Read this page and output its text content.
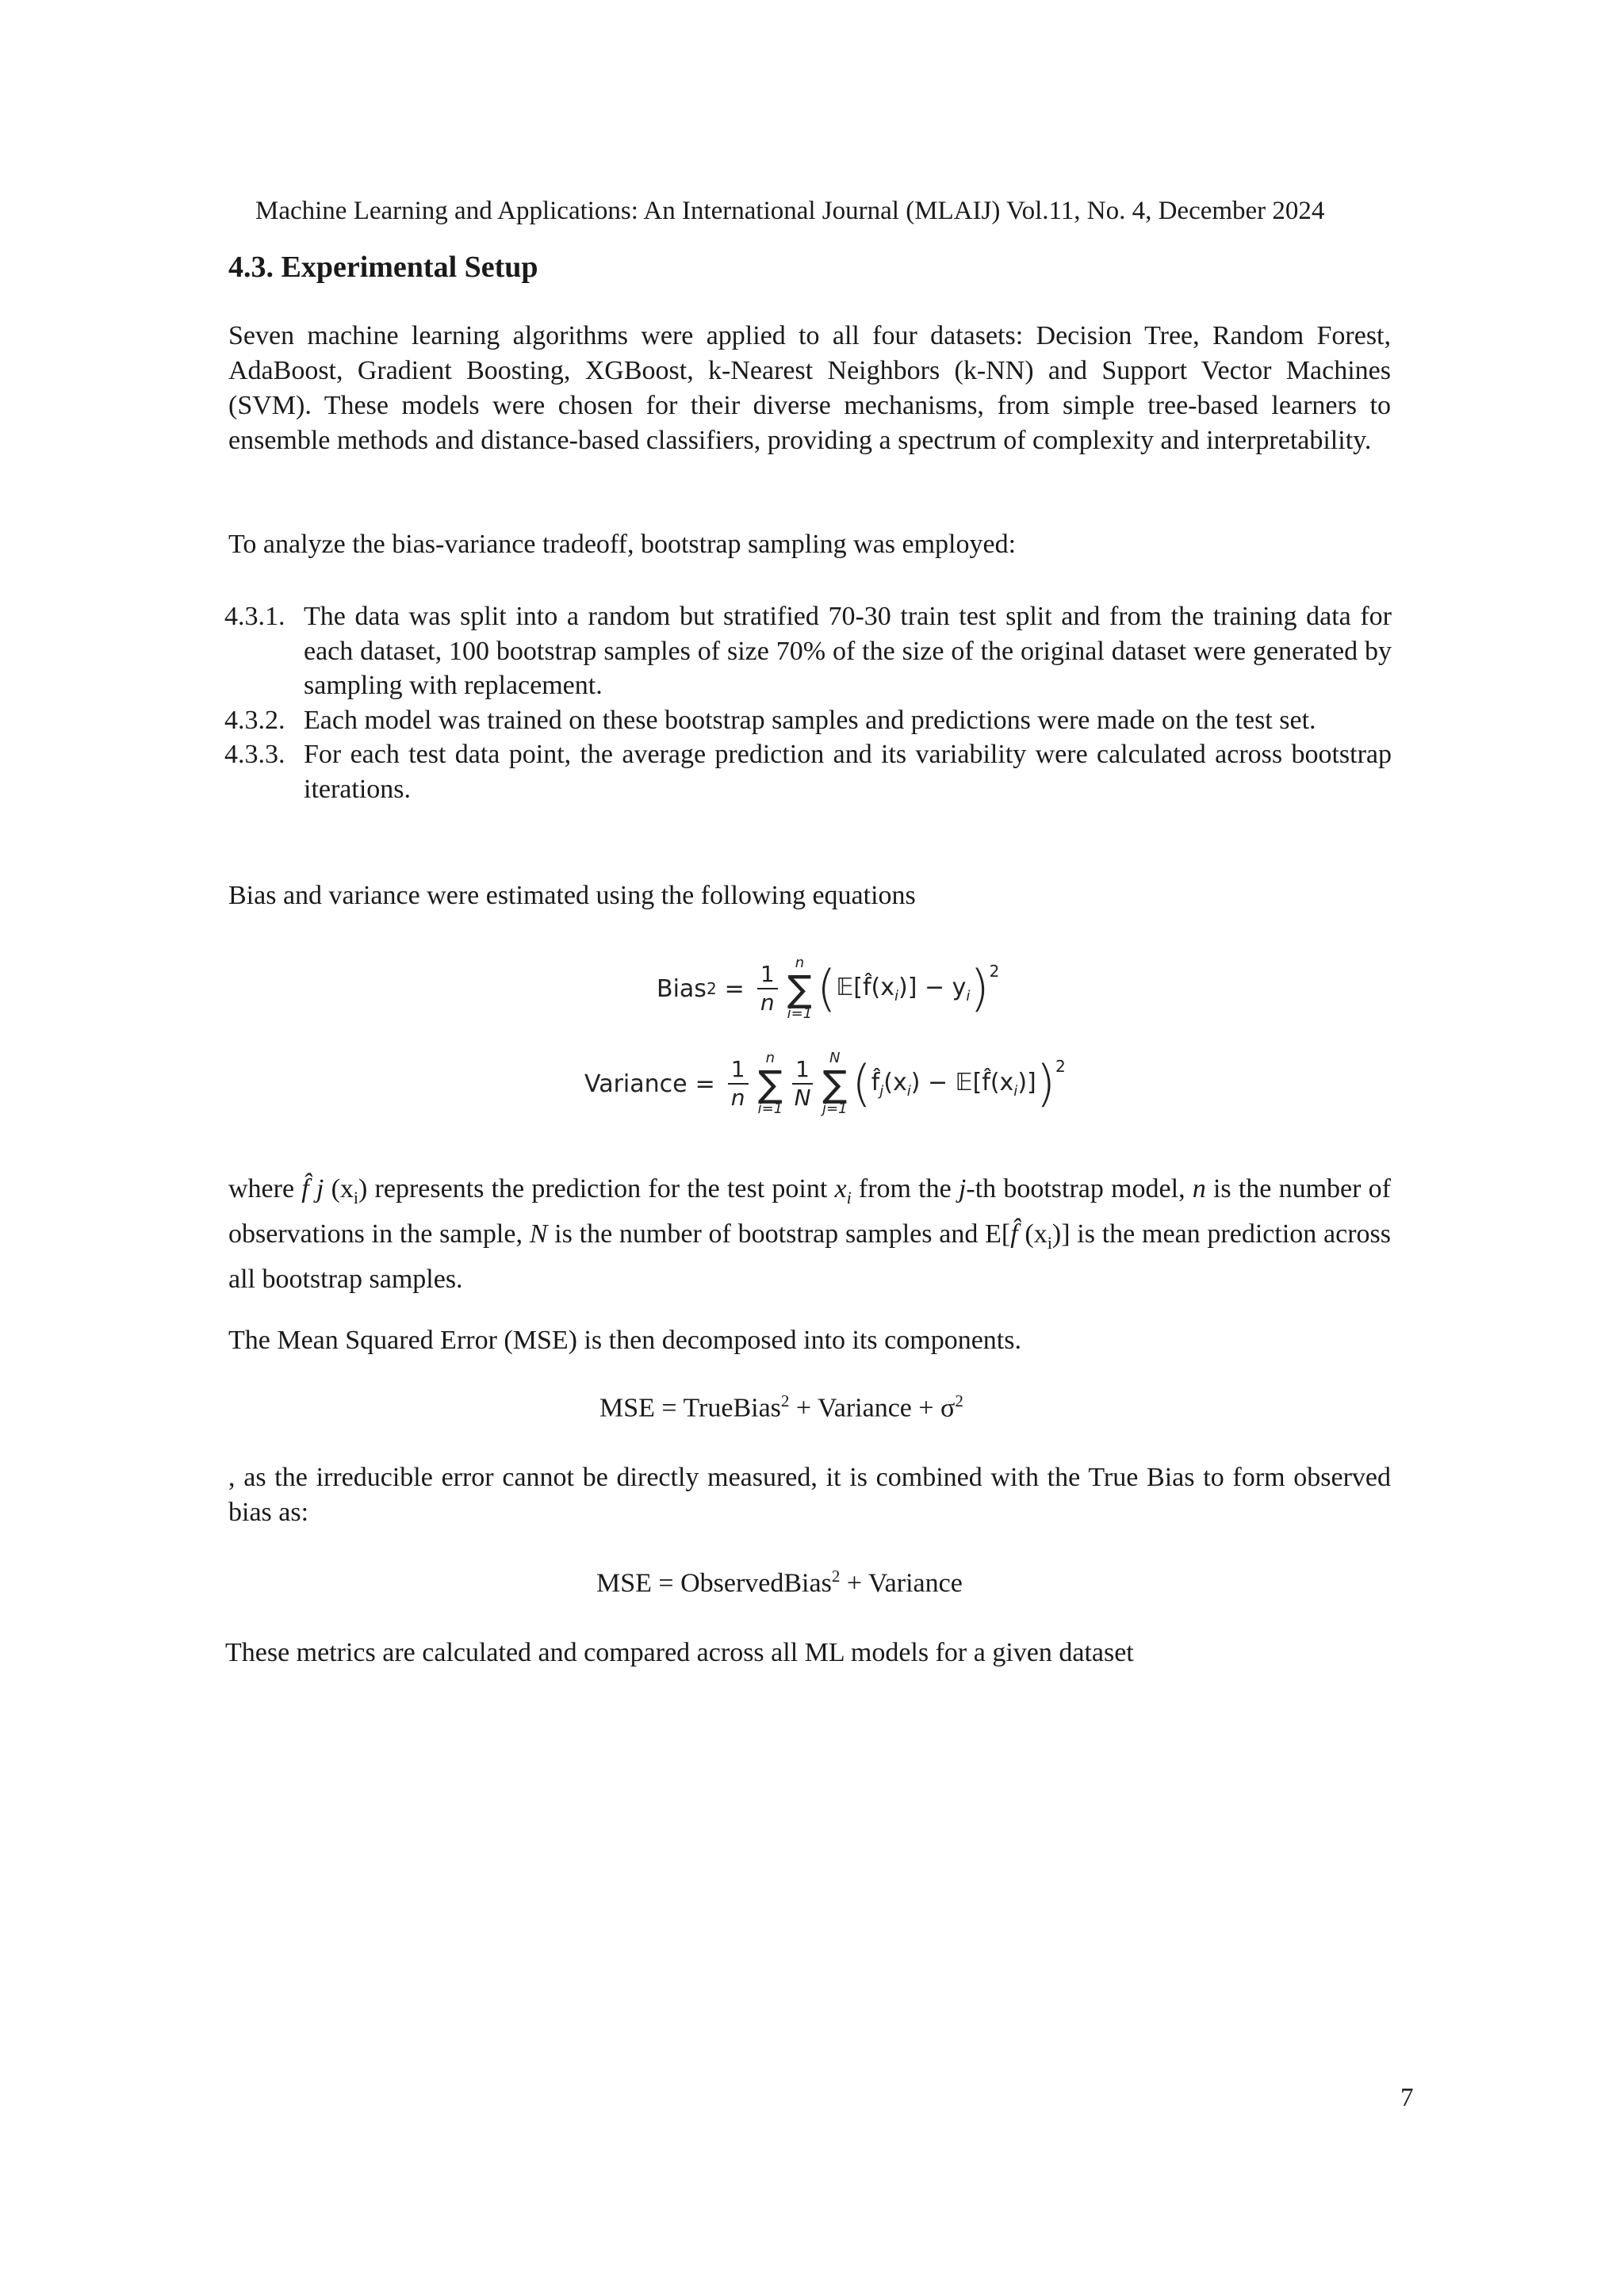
Machine Learning and Applications: An International Journal (MLAIJ) Vol.11, No. 4, December 2024
4.3. Experimental Setup
Seven machine learning algorithms were applied to all four datasets: Decision Tree, Random Forest, AdaBoost, Gradient Boosting, XGBoost, k-Nearest Neighbors (k-NN) and Support Vector Machines (SVM). These models were chosen for their diverse mechanisms, from simple tree-based learners to ensemble methods and distance-based classifiers, providing a spectrum of complexity and interpretability.
To analyze the bias-variance tradeoff, bootstrap sampling was employed:
4.3.1. The data was split into a random but stratified 70-30 train test split and from the training data for each dataset, 100 bootstrap samples of size 70% of the size of the original dataset were generated by sampling with replacement.
4.3.2. Each model was trained on these bootstrap samples and predictions were made on the test set.
4.3.3. For each test data point, the average prediction and its variability were calculated across bootstrap iterations.
Bias and variance were estimated using the following equations
Bias $2 = \frac{1}{n}$ n
∑
i=1 ( $𝔼[f̂(x_i)] - y_i$ ) 2
Variance = $\frac{1}{n}$ n
∑
$i=1 \frac{1}{N}$ N
∑
j=1 ( $f̂_j(x_i)$ − $𝔼[f̂(x_i)]$ ) 2
where f̂ j $(x_i)$ represents the prediction for the test point $x_i$ from the j-th bootstrap model, n is the number of observations in the sample, N is the number of bootstrap samples and E[f̂ $(x_i)$] is the mean prediction across all bootstrap samples.
The Mean Squared Error (MSE) is then decomposed into its components.
MSE = TrueBias$^2$ + Variance + $\sigma^2$
, as the irreducible error cannot be directly measured, it is combined with the True Bias to form observed bias as:
MSE = ObservedBias$^2$ + Variance
These metrics are calculated and compared across all ML models for a given dataset
7
